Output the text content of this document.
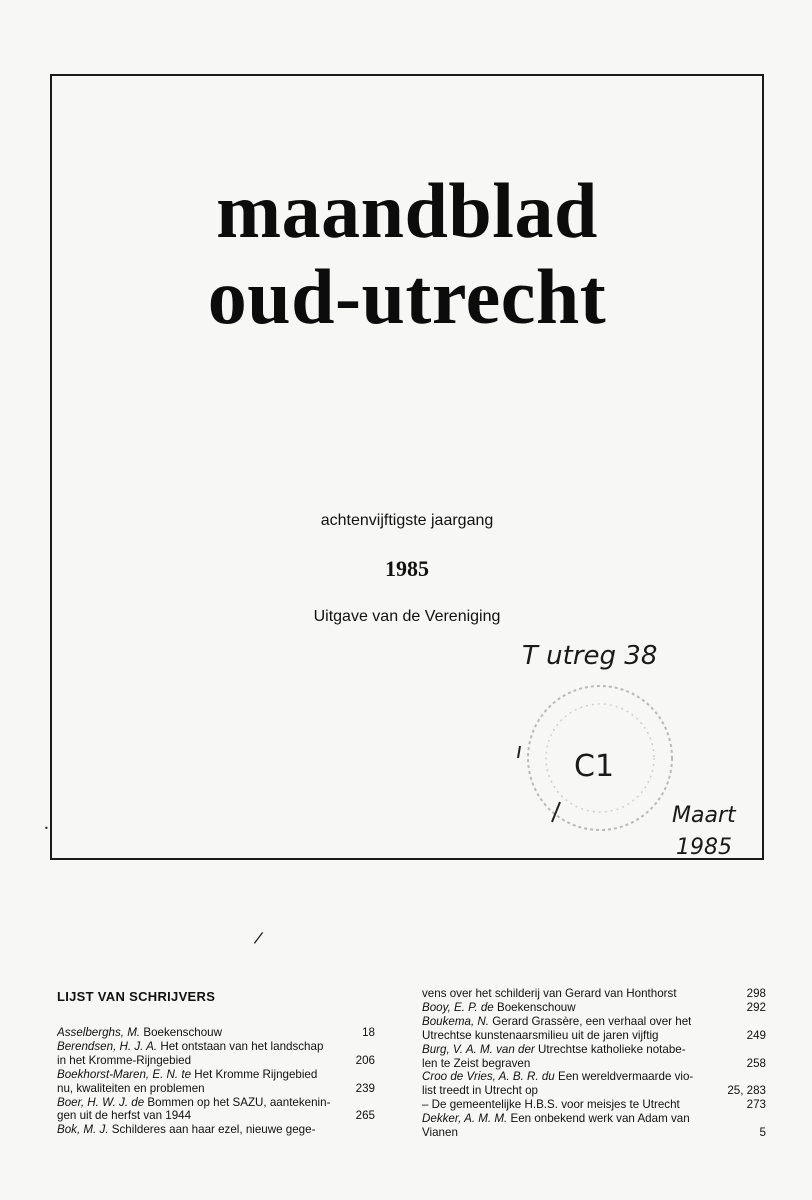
maandblad
oud-utrecht
achtenvijftigste jaargang
1985
Uitgave van de Vereniging
T utreg 38
C1
Maart
1985
•
/
LIJST VAN SCHRIJVERS
Asselberghs, M. Boekenschouw	18
Berendsen, H. J. A. Het ontstaan van het landschap
in het Kromme-Rijngebied	206
Boekhorst-Maren, E. N. te Het Kromme Rijngebied
nu, kwaliteiten en problemen	239
Boer, H. W. J. de Bommen op het SAZU, aantekenin-
gen uit de herfst van 1944	265
Bok, M. J. Schilderes aan haar ezel, nieuwe gege-
vens over het schilderij van Gerard van Honthorst	298
Booy, E. P. de Boekenschouw	292
Boukema, N. Gerard Grassère, een verhaal over het
Utrechtse kunstenaarsmilieu uit de jaren vijftig	249
Burg, V. A. M. van der Utrechtse katholieke notabe-
len te Zeist begraven	258
Croo de Vries, A. B. R. du Een wereldvermaarde vio-
list treedt in Utrecht op	25, 283
– De gemeentelijke H.B.S. voor meisjes te Utrecht	273
Dekker, A. M. M. Een onbekend werk van Adam van
Vianen	5
